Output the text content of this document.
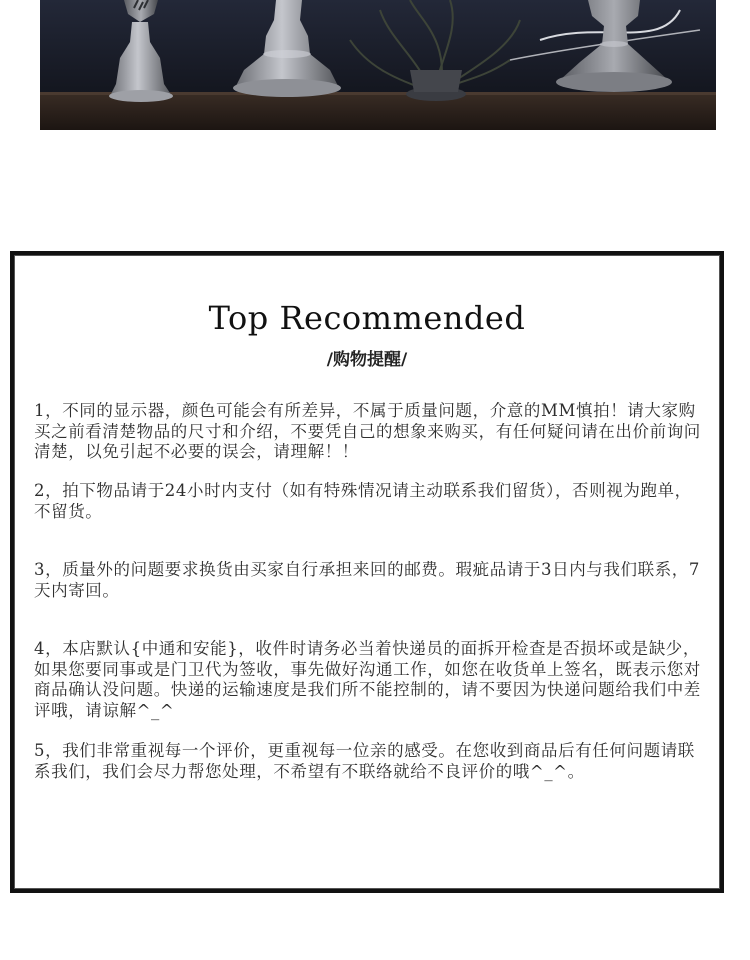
Top Recommended

/购物提醒/

1，不同的显示器，颜色可能会有所差异，不属于质量问题，介意的MM慎拍！请大家购买之前看清楚物品的尺寸和介绍，不要凭自己的想象来购买，有任何疑问请在出价前询问清楚，以免引起不必要的误会，请理解！！

2，拍下物品请于24小时内支付（如有特殊情况请主动联系我们留货），否则视为跑单，不留货。

3，质量外的问题要求换货由买家自行承担来回的邮费。瑕疵品请于3日内与我们联系，7天内寄回。

4，本店默认{中通和安能}，收件时请务必当着快递员的面拆开检查是否损坏或是缺少，如果您要同事或是门卫代为签收，事先做好沟通工作，如您在收货单上签名，既表示您对商品确认没问题。快递的运输速度是我们所不能控制的，请不要因为快递问题给我们中差评哦，请谅解^_^

5，我们非常重视每一个评价，更重视每一位亲的感受。在您收到商品后有任何问题请联系我们，我们会尽力帮您处理，不希望有不联络就给不良评价的哦^_^。
